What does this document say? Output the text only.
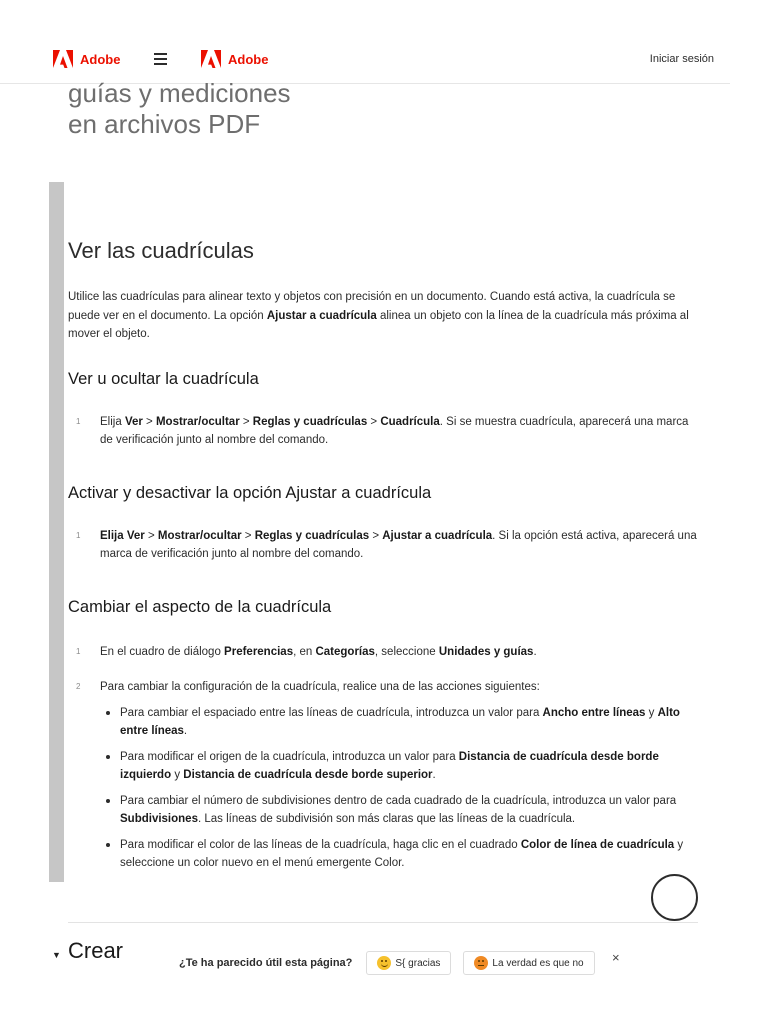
Adobe	Adobe	Iniciar sesión
guías y mediciones en archivos PDF
▼
Ver las cuadrículas

Utilice las cuadrículas para alinear texto y objetos con precisión en un documento. Cuando está activa, la cuadrícula se puede ver en el documento. La opción Ajustar a cuadrícula alinea un objeto con la línea de la cuadrícula más próxima al mover el objeto.

Ver u ocultar la cuadrícula
1 Elija Ver > Mostrar/ocultar > Reglas y cuadrículas > Cuadrícula. Si se muestra cuadrícula, aparecerá una marca de verificación junto al nombre del comando.
Activar y desactivar la opción Ajustar a cuadrícula
1 Elija Ver > Mostrar/ocultar > Reglas y cuadrículas > Ajustar a cuadrícula. Si la opción está activa, aparecerá una marca de verificación junto al nombre del comando.
Cambiar el aspecto de la cuadrícula
1 En el cuadro de diálogo Preferencias, en Categorías, seleccione Unidades y guías.
2 Para cambiar la configuración de la cuadrícula, realice una de las acciones siguientes:
Para cambiar el espaciado entre las líneas de cuadrícula, introduzca un valor para Ancho entre líneas y Alto entre líneas.
Para modificar el origen de la cuadrícula, introduzca un valor para Distancia de cuadrícula desde borde izquierdo y Distancia de cuadrícula desde borde superior.
Para cambiar el número de subdivisiones dentro de cada cuadrado de la cuadrícula, introduzca un valor para Subdivisiones. Las líneas de subdivisión son más claras que las líneas de la cuadrícula.
Para modificar el color de las líneas de la cuadrícula, haga clic en el cuadrado Color de línea de cuadrícula y seleccione un color nuevo en el menú emergente Color.
Crear	¿Te ha parecido útil esta página?	S{ gracias	La verdad es que no ×
